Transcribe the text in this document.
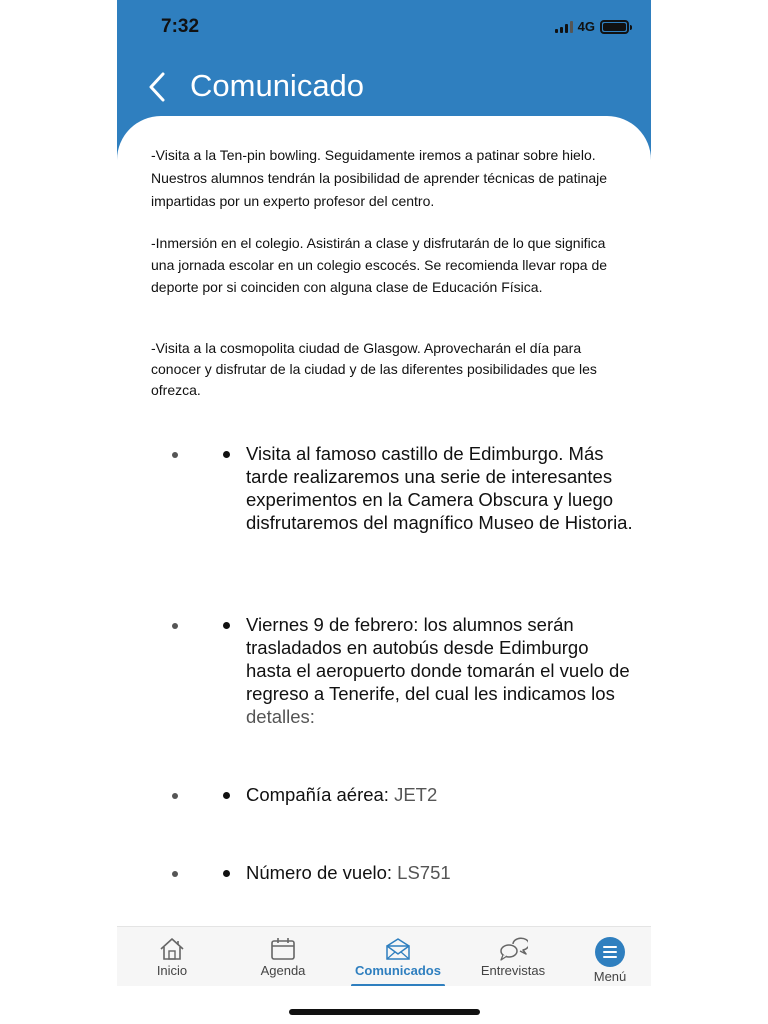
7:32	4G
Comunicado

-Visita a la Ten-pin bowling. Seguidamente iremos a patinar sobre hielo. Nuestros alumnos tendrán la posibilidad de aprender técnicas de patinaje impartidas por un experto profesor del centro.

-Inmersión en el colegio. Asistirán a clase y disfrutarán de lo que significa una jornada escolar en un colegio escocés. Se recomienda llevar ropa de deporte por si coinciden con alguna clase de Educación Física.

-Visita a la cosmopolita ciudad de Glasgow. Aprovecharán el día para conocer y disfrutar de la ciudad y de las diferentes posibilidades que les ofrezca.

Visita al famoso castillo de Edimburgo. Más tarde realizaremos una serie de interesantes experimentos en la Camera Obscura y luego disfrutaremos del magnífico Museo de Historia.
Viernes 9 de febrero: los alumnos serán trasladados en autobús desde Edimburgo hasta el aeropuerto donde tomarán el vuelo de regreso a Tenerife, del cual les indicamos los detalles:
Compañía aérea: JET2
Número de vuelo: LS751
Inicio	Agenda	Comunicados	Entrevistas	Menú
